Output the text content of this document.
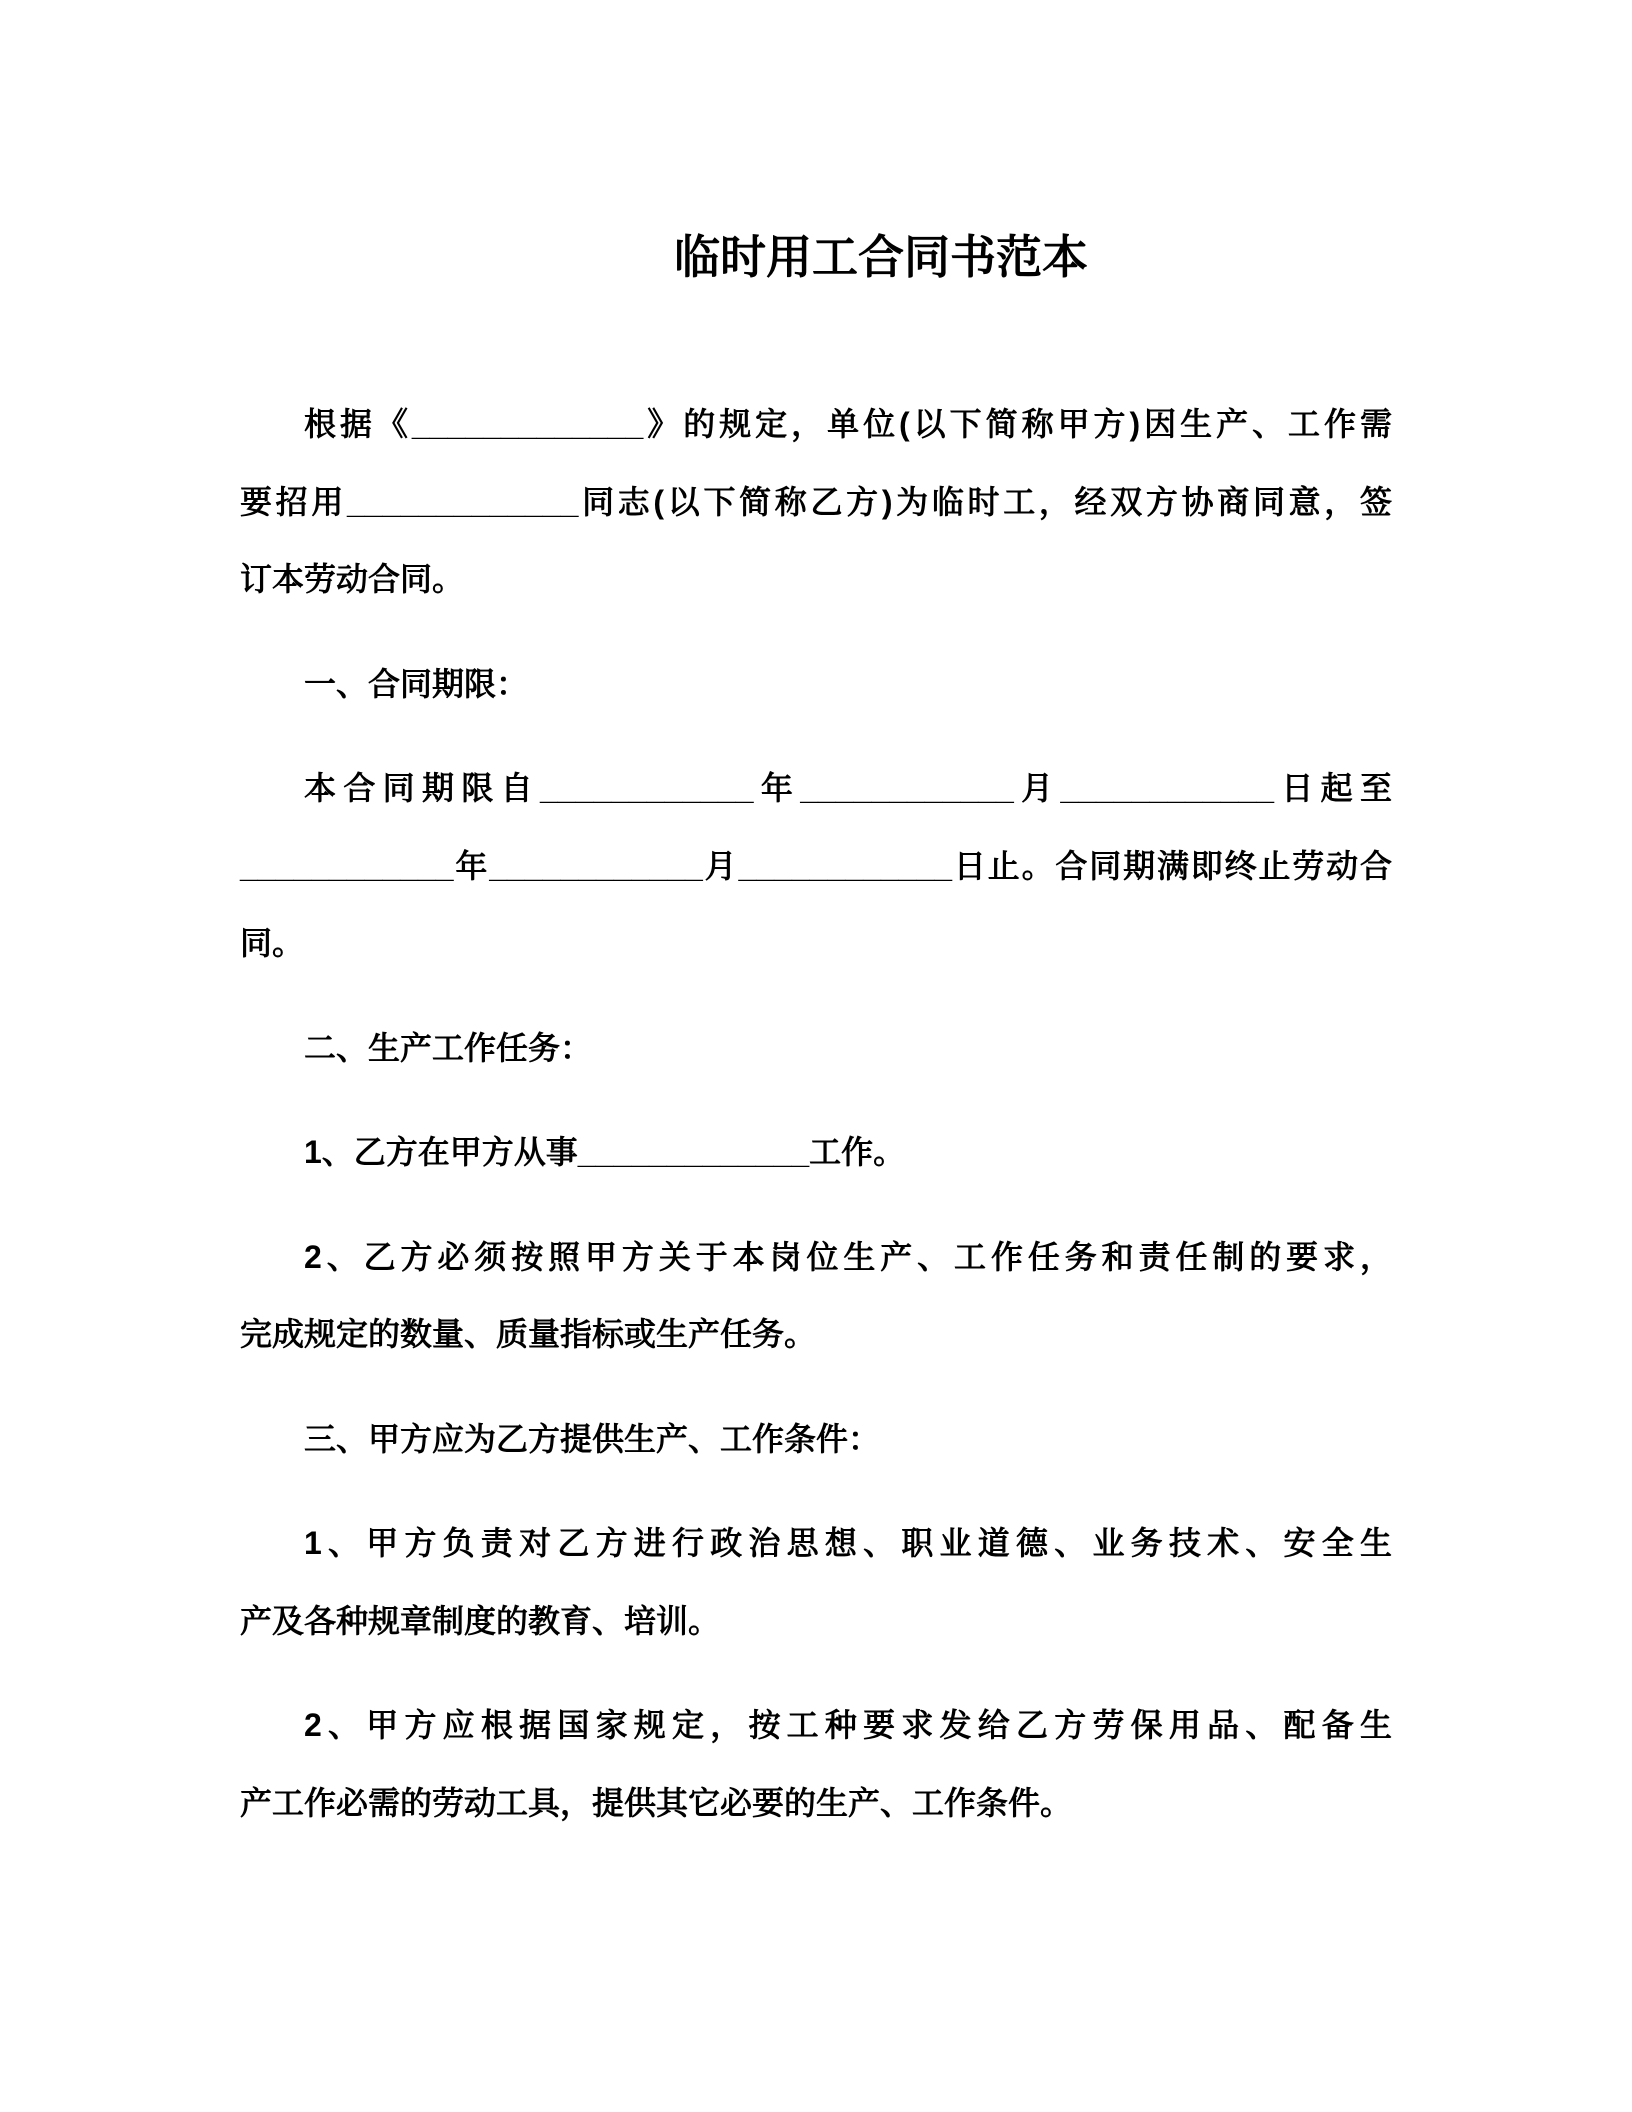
临时用工合同书范本
根据《_____________》的规定，单位(以下简称甲方)因生产、工作需
要招用_____________同志(以下简称乙方)为临时工，经双方协商同意，签
订本劳动合同。
一、合同期限：
本合同期限自____________年____________月____________日起至
____________年____________月____________日止。合同期满即终止劳动合
同。
二、生产工作任务：
1、乙方在甲方从事_____________工作。
2、乙方必须按照甲方关于本岗位生产、工作任务和责任制的要求，
完成规定的数量、质量指标或生产任务。
三、甲方应为乙方提供生产、工作条件：
1、甲方负责对乙方进行政治思想、职业道德、业务技术、安全生
产及各种规章制度的教育、培训。
2、甲方应根据国家规定，按工种要求发给乙方劳保用品、配备生
产工作必需的劳动工具，提供其它必要的生产、工作条件。
